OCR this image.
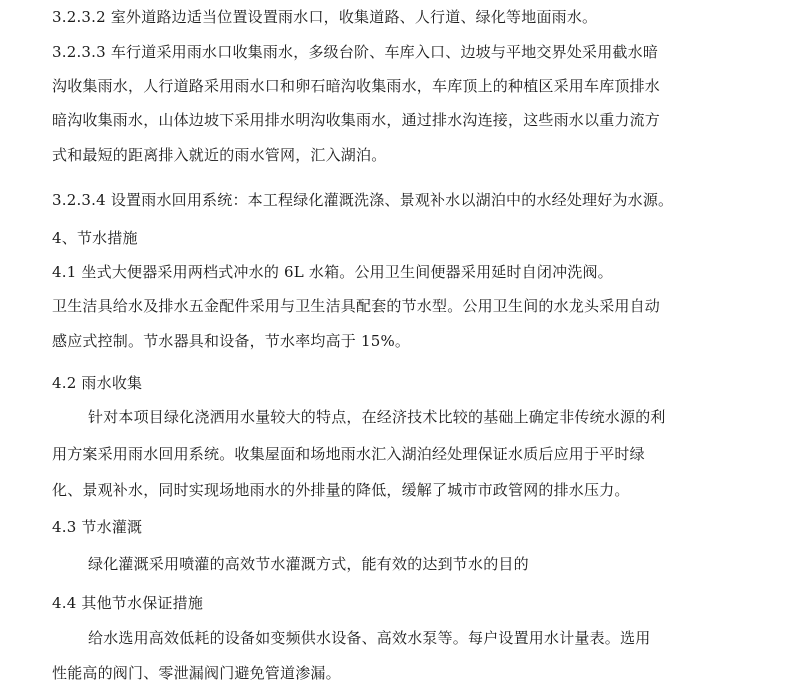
3.2.3.2 室外道路边适当位置设置雨水口，收集道路、人行道、绿化等地面雨水。
3.2.3.3 车行道采用雨水口收集雨水，多级台阶、车库入口、边坡与平地交界处采用截水暗
沟收集雨水，人行道路采用雨水口和卵石暗沟收集雨水，车库顶上的种植区采用车库顶排水
暗沟收集雨水，山体边坡下采用排水明沟收集雨水，通过排水沟连接，这些雨水以重力流方
式和最短的距离排入就近的雨水管网，汇入湖泊。
3.2.3.4 设置雨水回用系统：本工程绿化灌溉洗涤、景观补水以湖泊中的水经处理好为水源。
4、节水措施
4.1 坐式大便器采用两档式冲水的 6L 水箱。公用卫生间便器采用延时自闭冲洗阀。
卫生洁具给水及排水五金配件采用与卫生洁具配套的节水型。公用卫生间的水龙头采用自动
感应式控制。节水器具和设备，节水率均高于 15%。
4.2 雨水收集
针对本项目绿化浇洒用水量较大的特点，在经济技术比较的基础上确定非传统水源的利
用方案采用雨水回用系统。收集屋面和场地雨水汇入湖泊经处理保证水质后应用于平时绿
化、景观补水，同时实现场地雨水的外排量的降低，缓解了城市市政管网的排水压力。
4.3 节水灌溉
绿化灌溉采用喷灌的高效节水灌溉方式，能有效的达到节水的目的
4.4 其他节水保证措施
给水选用高效低耗的设备如变频供水设备、高效水泵等。每户设置用水计量表。选用
性能高的阀门、零泄漏阀门避免管道渗漏。
